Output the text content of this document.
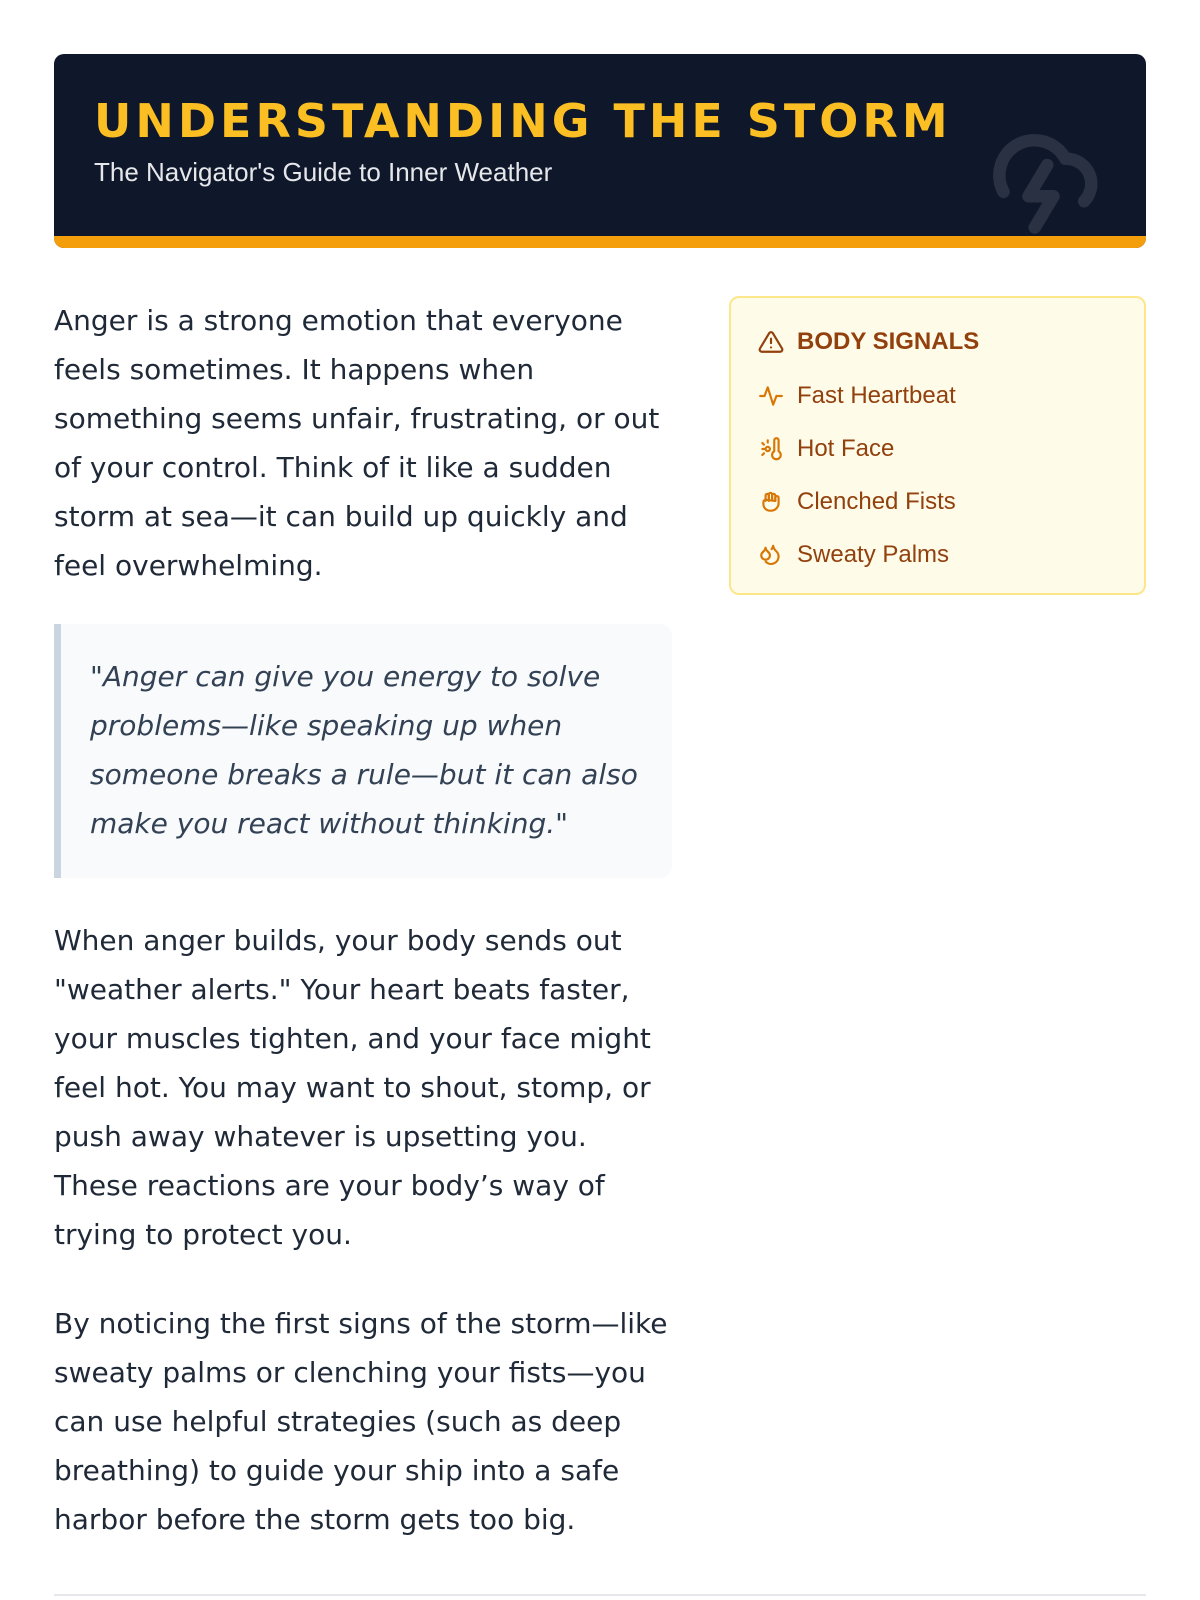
UNDERSTANDING THE STORM
The Navigator's Guide to Inner Weather

Anger is a strong emotion that everyone feels sometimes. It happens when something seems unfair, frustrating, or out of your control. Think of it like a sudden storm at sea—it can build up quickly and feel overwhelming.

"Anger can give you energy to solve problems—like speaking up when someone breaks a rule—but it can also make you react without thinking."

When anger builds, your body sends out "weather alerts." Your heart beats faster, your muscles tighten, and your face might feel hot. You may want to shout, stomp, or push away whatever is upsetting you. These reactions are your body’s way of trying to protect you.

By noticing the first signs of the storm—like sweaty palms or clenching your fists—you can use helpful strategies (such as deep breathing) to guide your ship into a safe harbor before the storm gets too big.

BODY SIGNALS
Fast Heartbeat
Hot Face
Clenched Fists
Sweaty Palms
